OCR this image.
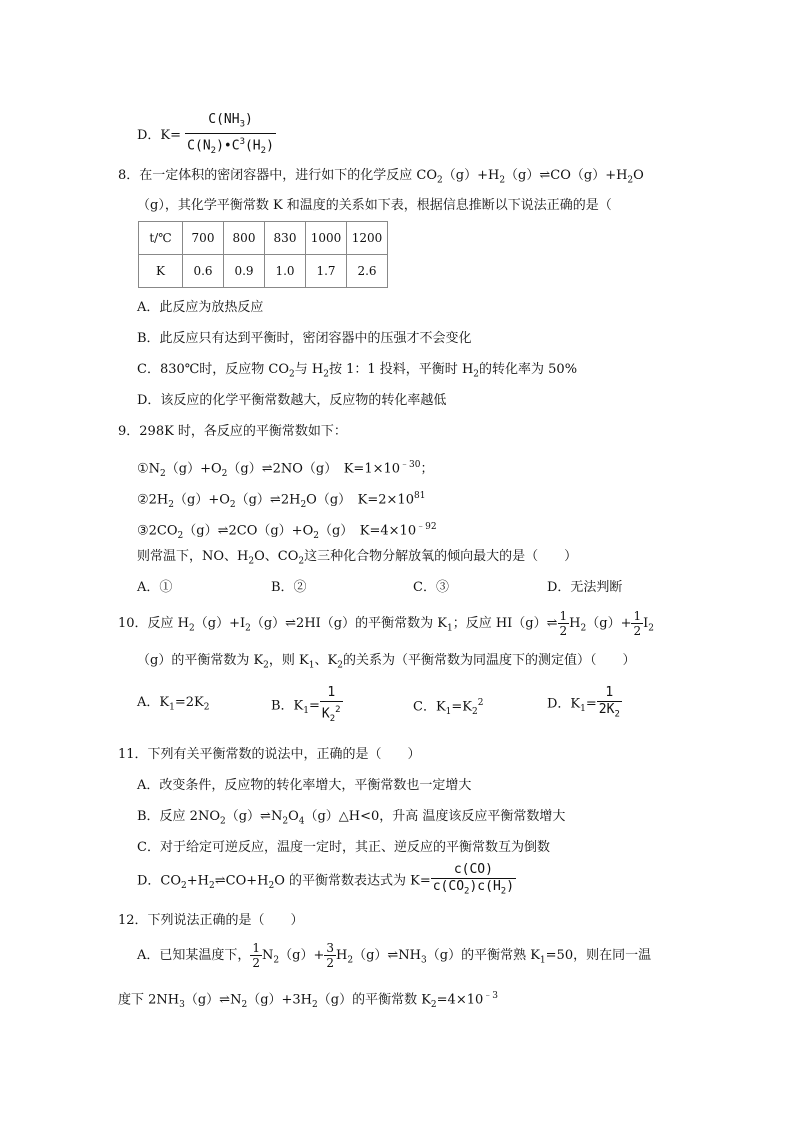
D．$K= \frac{C(NH_3)}{C(N_2)•C^3(H_2)}$
8．在一定体积的密闭容器中，进行如下的化学反应 $CO_2(g)+H_2(g)\rightleftharpoons CO(g)+H_2O$
（g），其化学平衡常数 K 和温度的关系如下表，根据信息推断以下说法正确的是（
t/℃	700	800	830	1000	1200
K	0.6	0.9	1.0	1.7	2.6
A．此反应为放热反应
B．此反应只有达到平衡时，密闭容器中的压强才不会变化
C．830℃时，反应物 $CO_2$与 $H_2$按 1：1 投料，平衡时 $H_2$的转化率为 50%
D．该反应的化学平衡常数越大，反应物的转化率越低
9．298K 时，各反应的平衡常数如下：
$①N_2(g)+O_2(g)\rightleftharpoons 2NO(g)$　$K=1\times 10^{﹣30}$；
$②2H_2(g)+O_2(g)\rightleftharpoons 2H_2O(g)$　$K=2\times 10^{81}$
$③2CO_2(g)\rightleftharpoons 2CO(g)+O_2(g)$　$K=4\times 10^{﹣92}$
则常温下，NO、$H_2O$、$CO_2$这三种化合物分解放氧的倾向最大的是（　　）
A．①	B．②	C．③	D．无法判断
10．反应 $H_2(g)+I_2(g)\rightleftharpoons 2HI(g)$的平衡常数为 $K_1$；反应 HI（g）⇌ $\frac{1}{2} H_2(g)+ \frac{1}{2} I_2$
（g）的平衡常数为 $K_2$，则 $K_1$、$K_2$的关系为（平衡常数为同温度下的测定值）（　　）
A．$K_1=2K_2$	B．$K_1= \frac{1}{K_2^2}$	C．$K_1=K_2^2$	D．$K_1= \frac{1}{2K_2}$
11．下列有关平衡常数的说法中，正确的是（　　）
A．改变条件，反应物的转化率增大，平衡常数也一定增大
B．反应 $2NO_2(g)\rightleftharpoons N_2O_4(g)\triangle H<0$，升高 温度该反应平衡常数增大
C．对于给定可逆反应，温度一定时，其正、逆反应的平衡常数互为倒数
D．$CO_2+H_2\rightleftharpoons CO+H_2O$ 的平衡常数表达式为 $K= \frac{c(CO)}{c(CO_2)c(H_2)}$
12．下列说法正确的是（　　）
A．已知某温度下， $\frac{1}{2} N_2(g)+ \frac{3}{2}$ $H_2(g)\rightleftharpoons NH_3(g)$的平衡常熟 $K_1=50$，则在同一温
度下 $2NH_3(g)\rightleftharpoons N_2(g)+3H_2(g)$的平衡常数 $K_2=4\times 10^{﹣3}$
